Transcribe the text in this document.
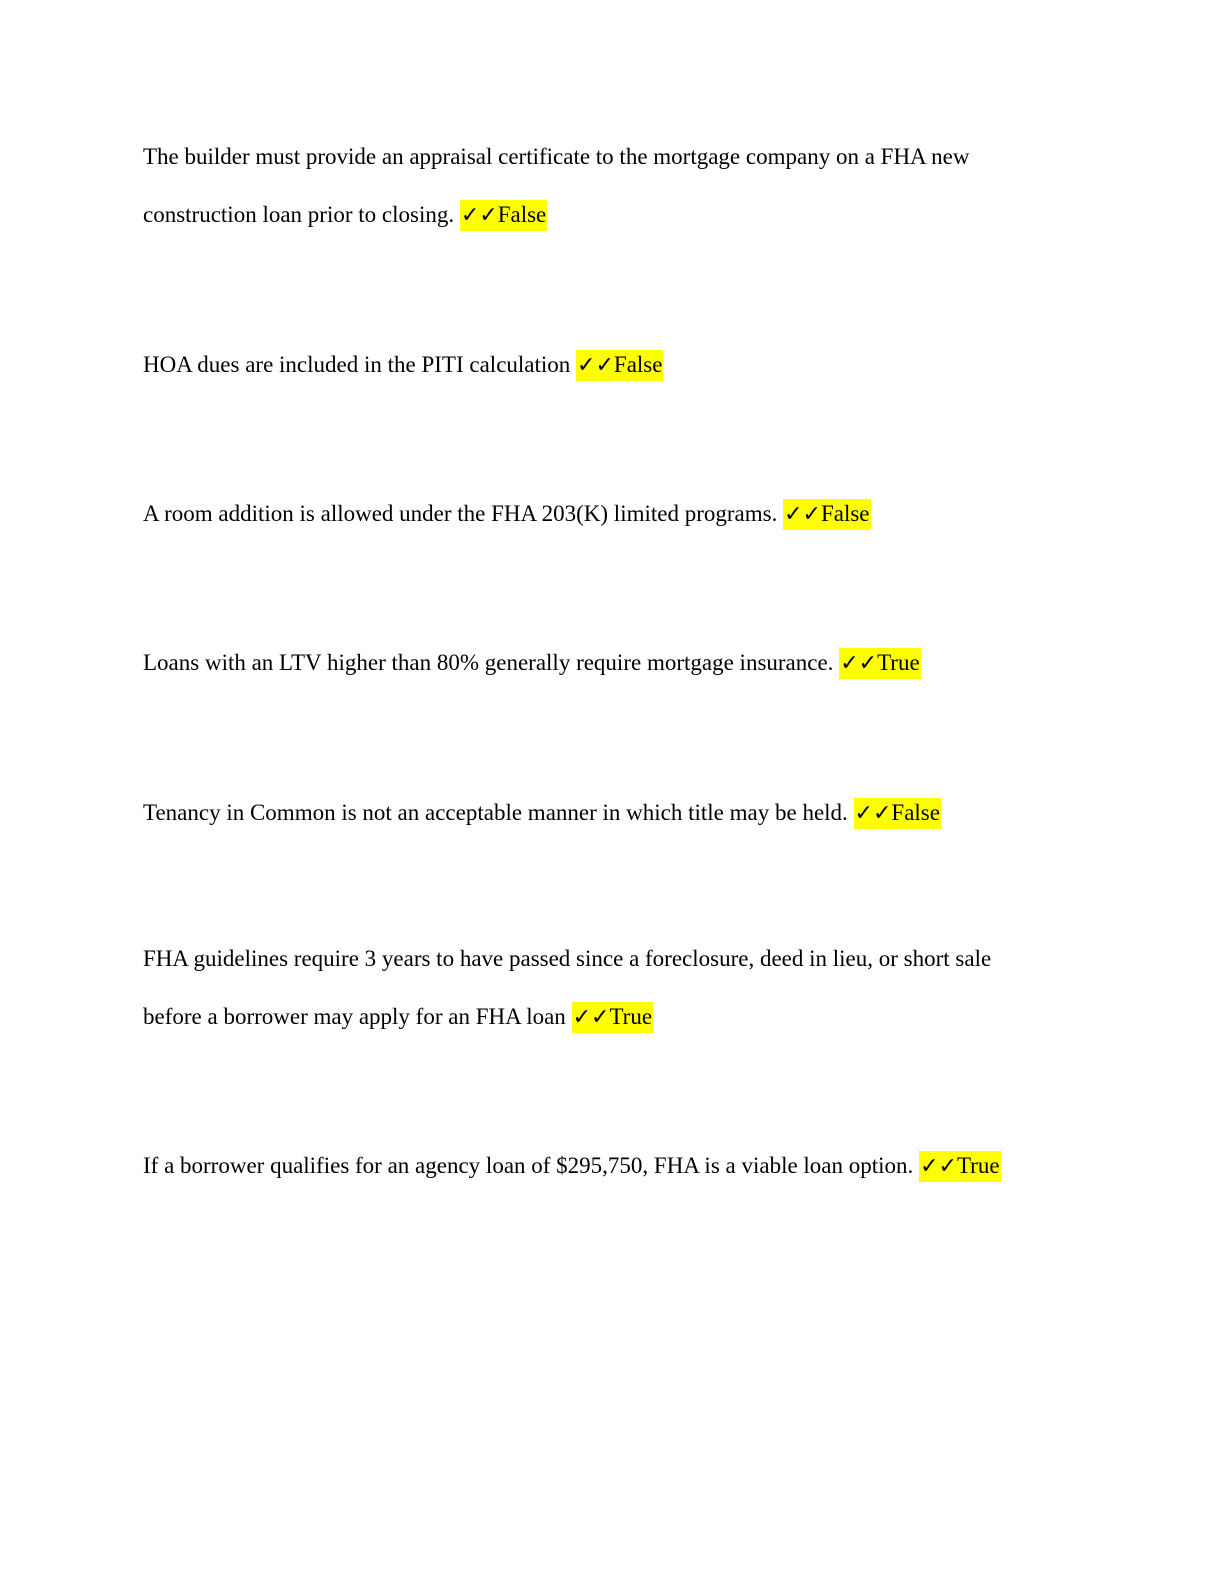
The builder must provide an appraisal certificate to the mortgage company on a FHA new construction loan prior to closing. ✓✓False

HOA dues are included in the PITI calculation ✓✓False

A room addition is allowed under the FHA 203(K) limited programs. ✓✓False

Loans with an LTV higher than 80% generally require mortgage insurance. ✓✓True

Tenancy in Common is not an acceptable manner in which title may be held. ✓✓False

FHA guidelines require 3 years to have passed since a foreclosure, deed in lieu, or short sale before a borrower may apply for an FHA loan ✓✓True

If a borrower qualifies for an agency loan of $295,750, FHA is a viable loan option. ✓✓True
